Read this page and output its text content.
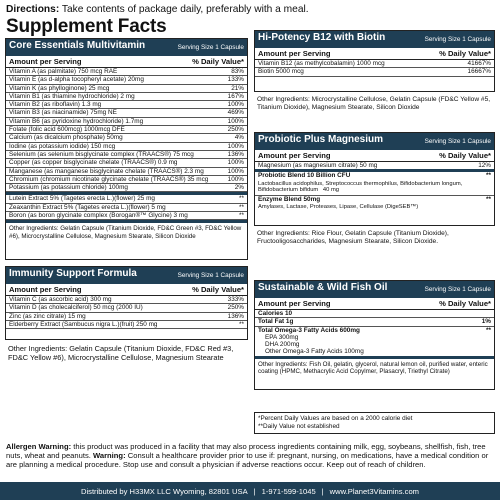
Directions: Take contents of package daily, preferably with a meal.
Supplement Facts
Core Essentials Multivitamin	Serving Size 1 Capsule
Amount per Serving	% Daily Value*
Vitamin A (as palmitate) 750 mcg RAE	83%
Vitamin E (as d-alpha tocopheryl acetate) 20mg	133%
Vitamin K (as phylloginone) 25 mcg	21%
Vitamin B1 (as thiamine hydrochloride) 2 mg	167%
Vitamin B2 (as riboflavin) 1.3 mg	100%
Vitamin B3 (as niacinamide) 75mg NE	469%
Vitamin B6 (as pyridoxine hydrochloride) 1.7mg	100%
Folate (folic acid 600mcg) 1000mcg DFE	250%
Calcium (as dicalcium phosphate) 50mg	4%
Iodine (as potassium iodide) 150 mcg	100%
Selenium (as selenium bisglycinate complex (TRAACS®) 75 mcg	136%
Copper (as copper bisglycinate chelate (TRAACS®) 0.9 mg	100%
Manganese (as manganese bisglycinate chelate (TRAACS®) 2.3 mg	100%
Chromium (chromium nicotinate glycinate chelate (TRAACS®) 35 mcg	100%
Potassium (as potassium chloride) 100mg	2%
Lutein Extract 5% (Tagetes erecta L.)(flower) 25 mg	**
Zeaxanthin Extract 5% (Tagetes erecta L.)(flower) 5 mg	**
Boron (as boron glycinate complex (Borogan®™ Glycine) 3 mg	**
Other Ingredients: Gelatin Capsule (Titanium Dioxide, FD&C Green #3, FD&C Yellow #6), Microcrystalline Cellulose, Magnesium Stearate, Silicon Dioxide
Immunity Support Formula	Serving Size 1 Capsule
Amount per Serving	% Daily Value*
Vitamin C (as ascorbic acid) 300 mg	333%
Vitamin D (as cholecalciferol) 50 mcg (2000 IU)	250%
Zinc (as zinc citrate) 15 mg	136%
Elderberry Extract (Sambucus nigra L.)(fruit) 250 mg	**
Other Ingredients: Gelatin Capsule (Titanium Dioxide, FD&C Red #3, FD&C Yellow #6), Microcrystalline Cellulose, Magnesium Stearate
Hi-Potency B12 with Biotin	Serving Size 1 Capsule
Amount per Serving	% Daily Value*
Vitamin B12 (as methylcobalamin) 1000 mcg	41667%
Biotin 5000 mcg	16667%
Other Ingredients: Microcrystalline Cellulose, Gelatin Capsule (FD&C Yellow #5, Titanium Dioxide), Magnesium Stearate, Silicon Dioxide
Probiotic Plus Magnesium	Serving Size 1 Capsule
Amount per Serving	% Daily Value*
Magnesium (as magnesium citrate) 50 mg	12%
Probiotic Blend 10 Billion CFU	**
Lactobacillus acidophilus, Streptococcus thermophilus, Bifidobacterium longum, Bifidobacterium bifidum 40 mg
Enzyme Blend 50mg	**
Amylases, Lactase, Proteases, Lipase, Cellulase (DigeSEB™)
Other Ingredients: Rice Flour, Gelatin Capsule (Titanium Dioxide), Fructooligosaccharides, Magnesium Stearate, Silicon Dioxide.
Sustainable & Wild Fish Oil	Serving Size 1 Capsule
Amount per Serving	% Daily Value*
Calories 10
Total Fat 1g	1%
Total Omega-3 Fatty Acids 600mg	**
EPA 300mg
DHA 200mg
Other Omega-3 Fatty Acids 100mg
Other Ingredients: Fish Oil, gelatin, glycerol, natural lemon oil, purified water, enteric coating (HPMC, Methacrylic Acid Copylmer, Plasacryl, Triethyl Citrate)
*Percent Daily Values are based on a 2000 calorie diet
**Daily Value not established
Allergen Warning: this product was produced in a facility that may also process ingredients containing milk, egg, soybeans, shellfish, fish, tree nuts, wheat and peanuts. Warning: Consult a healthcare provider prior to use if: pregnant, nursing, on medications, have a medical condition or are planning a medical procedure. Stop use and consult a physician if adverse reactions occur. Keep out of reach of children.
Distributed by H33MX LLC Wyoming, 82801 USA | 1-971-599-1045 | www.Planet3Vitamins.com
